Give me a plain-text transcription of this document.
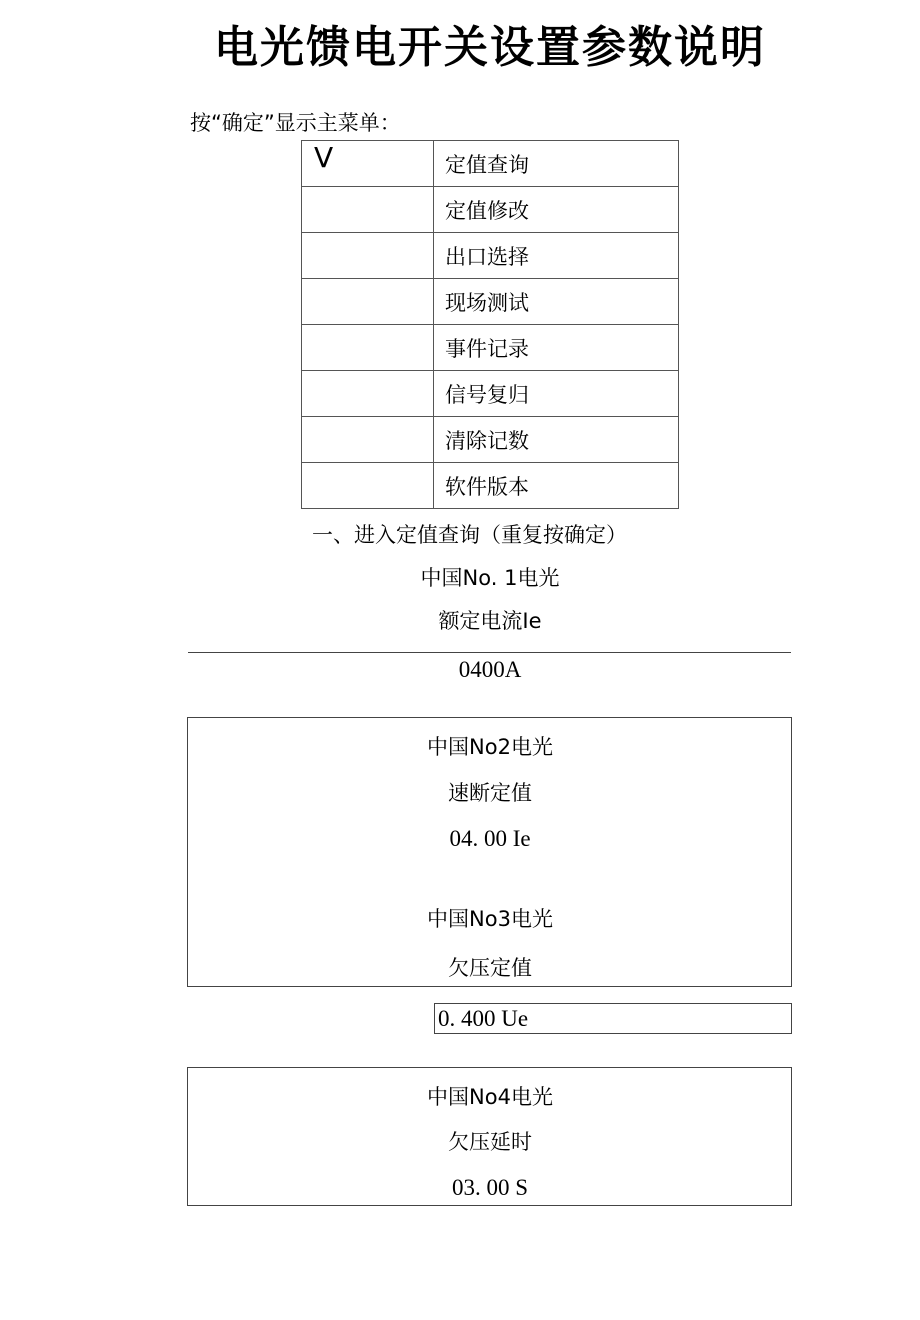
电光馈电开关设置参数说明
按“确定”显示主菜单：
V	定值查询
	定值修改
	出口选择
	现场测试
	事件记录
	信号复归
	清除记数
	软件版本
一、进入定值查询（重复按确定）
中国No. 1电光
额定电流Ie
0400A
中国No2电光
速断定值
04. 00 Ie
中国No3电光
欠压定值
0. 400 Ue
中国No4电光
欠压延时
03. 00 S
